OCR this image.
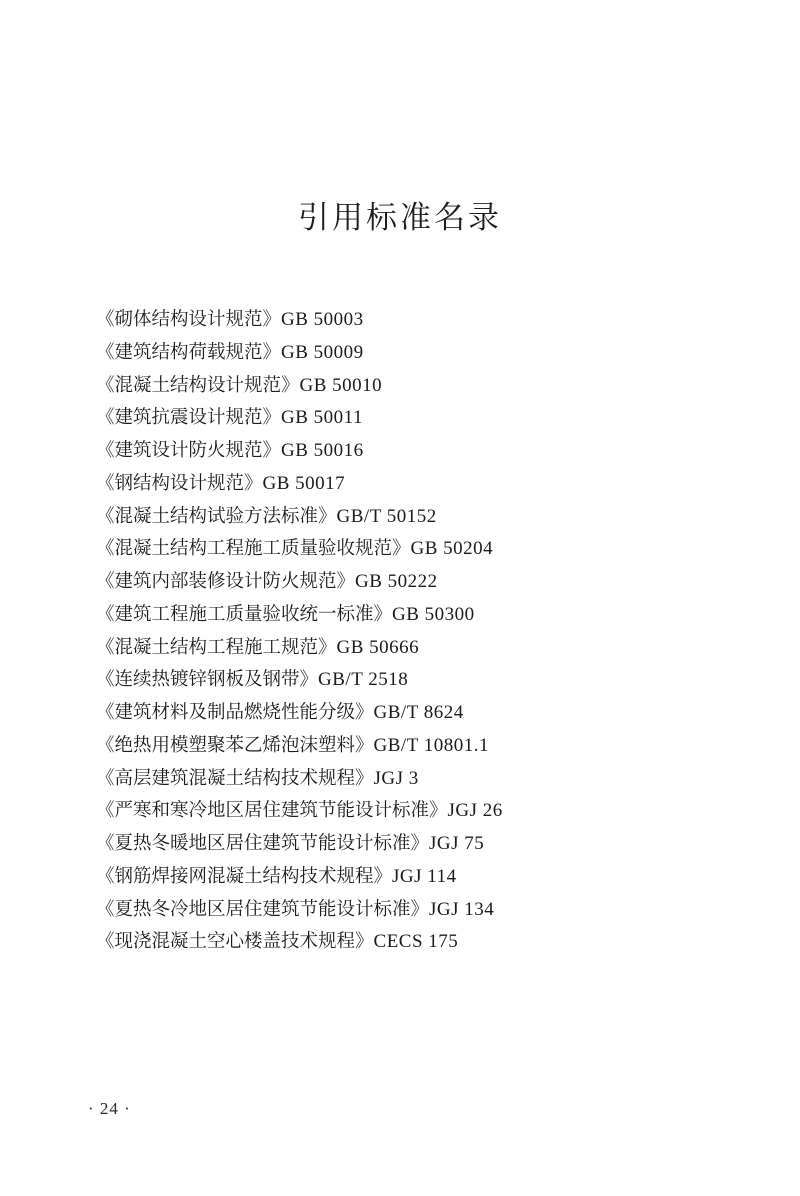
引用标准名录
《砌体结构设计规范》GB 50003
《建筑结构荷载规范》GB 50009
《混凝土结构设计规范》GB 50010
《建筑抗震设计规范》GB 50011
《建筑设计防火规范》GB 50016
《钢结构设计规范》GB 50017
《混凝土结构试验方法标准》GB/T 50152
《混凝土结构工程施工质量验收规范》GB 50204
《建筑内部装修设计防火规范》GB 50222
《建筑工程施工质量验收统一标准》GB 50300
《混凝土结构工程施工规范》GB 50666
《连续热镀锌钢板及钢带》GB/T 2518
《建筑材料及制品燃烧性能分级》GB/T 8624
《绝热用模塑聚苯乙烯泡沫塑料》GB/T 10801.1
《高层建筑混凝土结构技术规程》JGJ 3
《严寒和寒冷地区居住建筑节能设计标准》JGJ 26
《夏热冬暖地区居住建筑节能设计标准》JGJ 75
《钢筋焊接网混凝土结构技术规程》JGJ 114
《夏热冬冷地区居住建筑节能设计标准》JGJ 134
《现浇混凝土空心楼盖技术规程》CECS 175
· 24 ·
